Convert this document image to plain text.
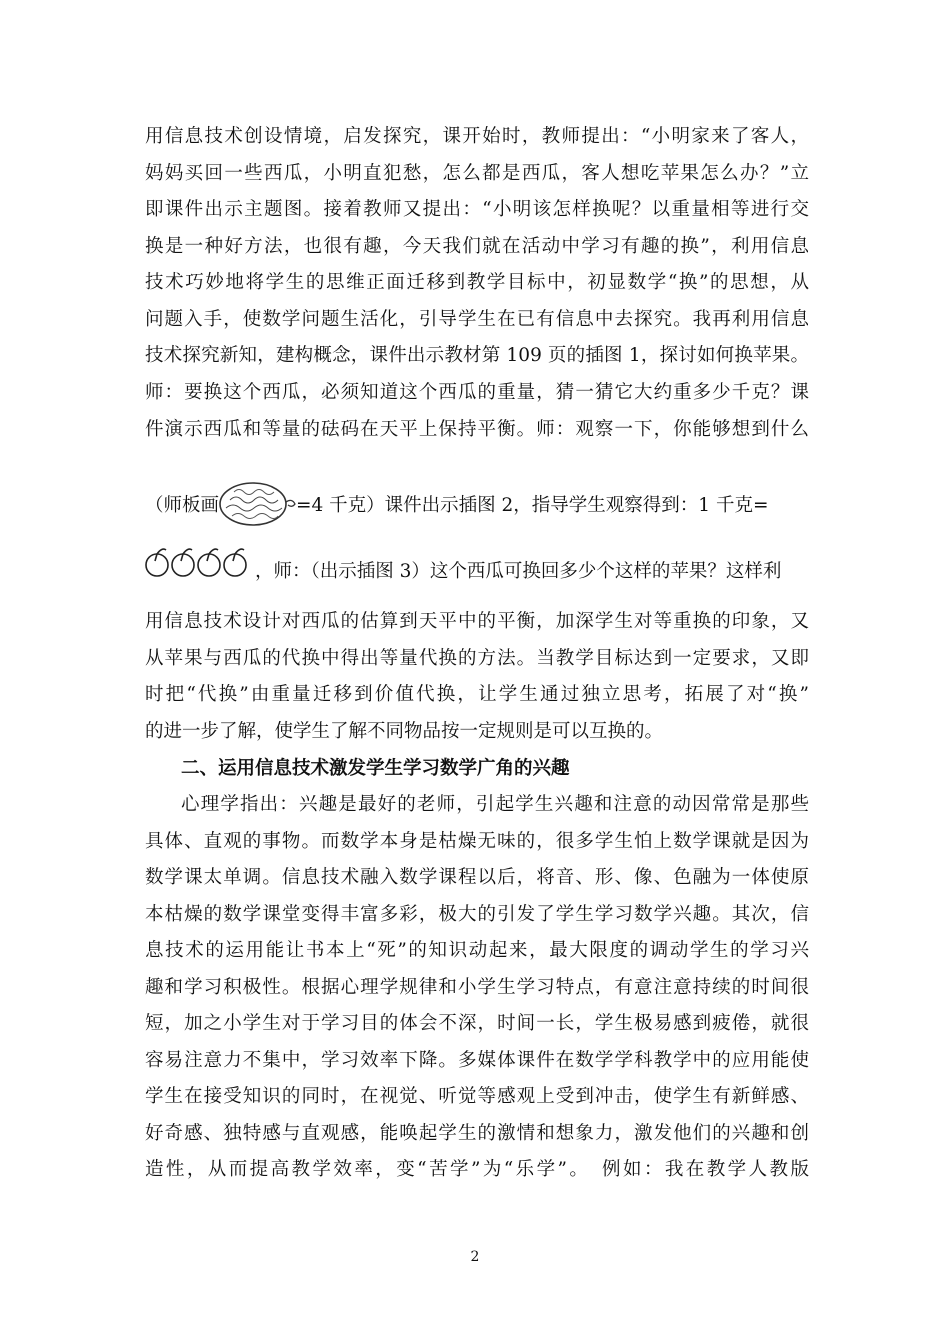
用信息技术创设情境，启发探究，课开始时，教师提出：“小明家来了客人，
妈妈买回一些西瓜，小明直犯愁，怎么都是西瓜，客人想吃苹果怎么办？”立
即课件出示主题图。接着教师又提出：“小明该怎样换呢？以重量相等进行交
换是一种好方法，也很有趣，今天我们就在活动中学习有趣的换”，利用信息
技术巧妙地将学生的思维正面迁移到教学目标中，初显数学“换”的思想，从
问题入手，使数学问题生活化，引导学生在已有信息中去探究。我再利用信息
技术探究新知，建构概念，课件出示教材第 109 页的插图 1，探讨如何换苹果。
师：要换这个西瓜，必须知道这个西瓜的重量，猜一猜它大约重多少千克？课
件演示西瓜和等量的砝码在天平上保持平衡。师：观察一下，你能够想到什么
（师板画	=4 千克）课件出示插图 2，指导学生观察得到：1 千克=
，师：（出示插图 3）这个西瓜可换回多少个这样的苹果？这样利
用信息技术设计对西瓜的估算到天平中的平衡，加深学生对等重换的印象，又
从苹果与西瓜的代换中得出等量代换的方法。当教学目标达到一定要求，又即
时把“代换”由重量迁移到价值代换，让学生通过独立思考，拓展了对“换”
的进一步了解，使学生了解不同物品按一定规则是可以互换的。
二、运用信息技术激发学生学习数学广角的兴趣
心理学指出：兴趣是最好的老师，引起学生兴趣和注意的动因常常是那些
具体、直观的事物。而数学本身是枯燥无味的，很多学生怕上数学课就是因为
数学课太单调。信息技术融入数学课程以后，将音、形、像、色融为一体使原
本枯燥的数学课堂变得丰富多彩，极大的引发了学生学习数学兴趣。其次，信
息技术的运用能让书本上“死”的知识动起来，最大限度的调动学生的学习兴
趣和学习积极性。根据心理学规律和小学生学习特点，有意注意持续的时间很
短，加之小学生对于学习目的体会不深，时间一长，学生极易感到疲倦，就很
容易注意力不集中，学习效率下降。多媒体课件在数学学科教学中的应用能使
学生在接受知识的同时，在视觉、听觉等感观上受到冲击，使学生有新鲜感、
好奇感、独特感与直观感，能唤起学生的激情和想象力，激发他们的兴趣和创
造性，从而提高教学效率，变“苦学”为“乐学”。　例如：我在教学人教版
2
